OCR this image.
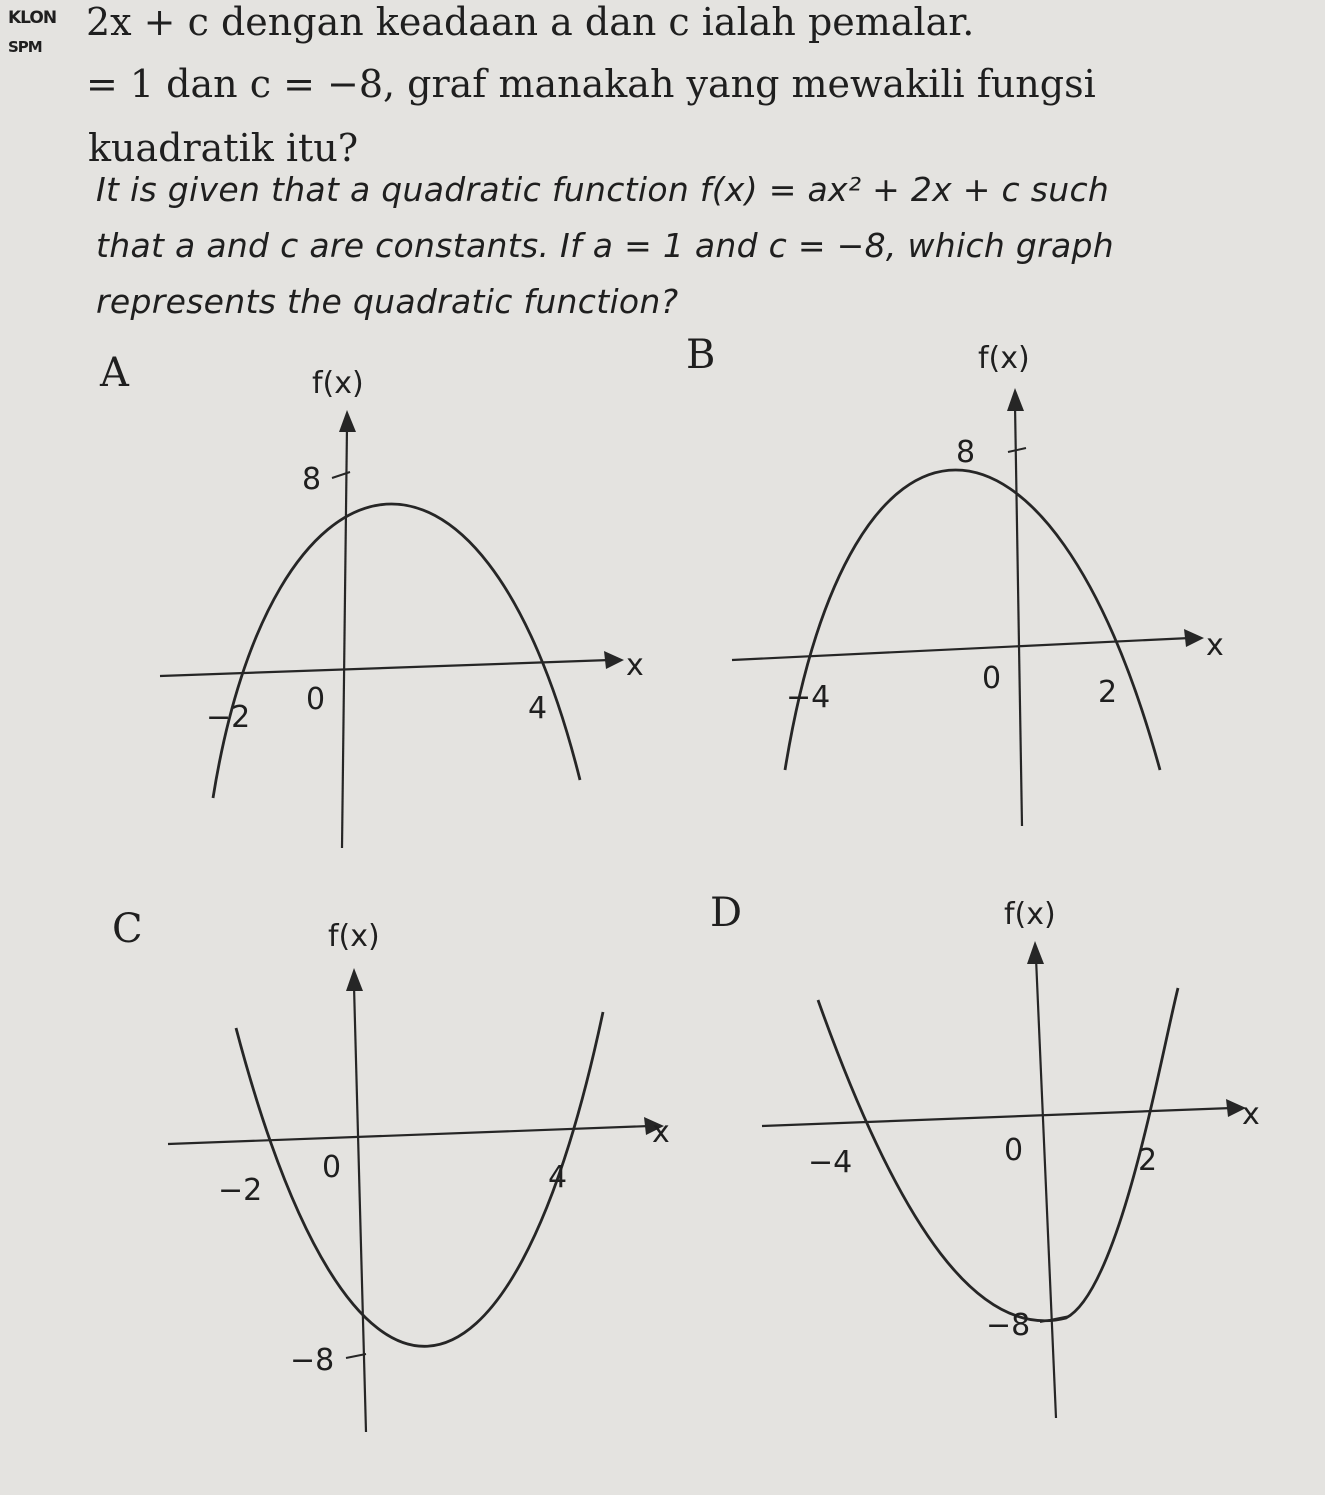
KLON
SPM
2x + c dengan keadaan a dan c ialah pemalar.
= 1 dan c = −8, graf manakah yang mewakili fungsi
kuadratik itu?
It is given that a quadratic function f(x) = ax² + 2x + c such
that a and c are constants. If a = 1 and c = −8, which graph
represents the quadratic function?
A	B
C	D
f(x)
x
0
−2	4
8
f(x)
x
0
−4	2
8
f(x)
x
0
−2	4
−8
f(x)
x
0
−4	2
−8
